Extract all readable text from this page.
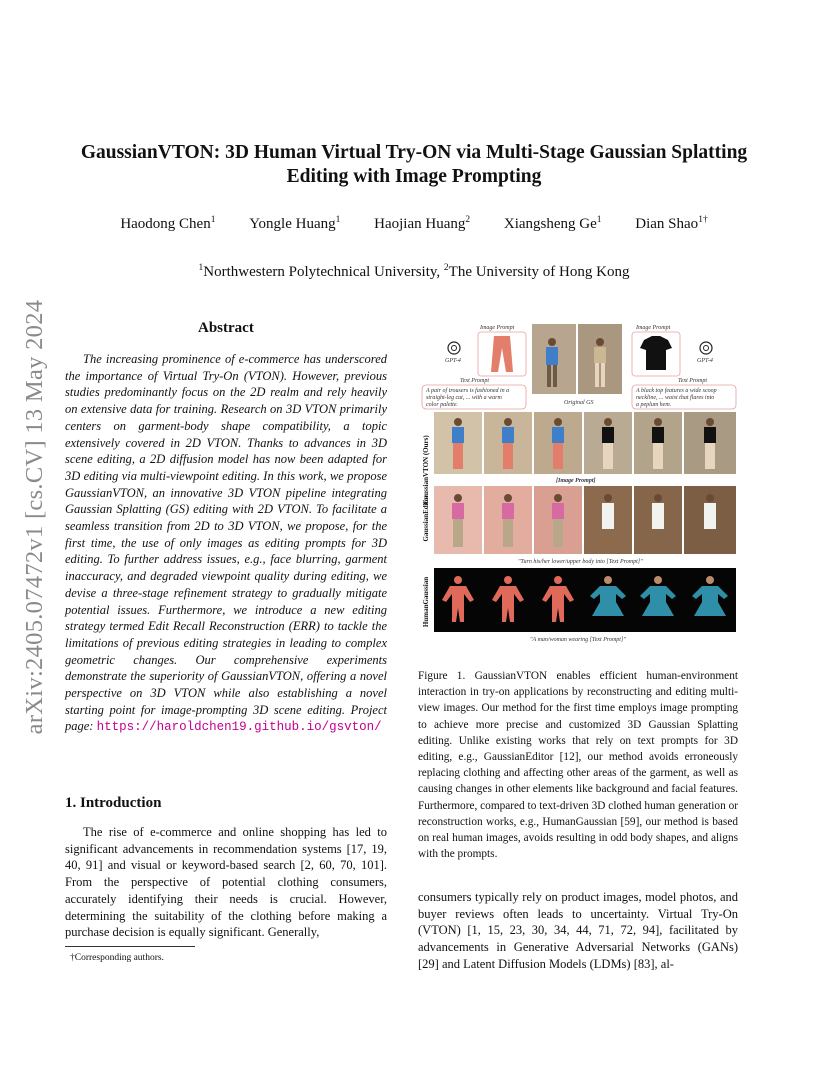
arXiv:2405.07472v1 [cs.CV] 13 May 2024
GaussianVTON: 3D Human Virtual Try-ON via Multi-Stage Gaussian Splatting Editing with Image Prompting
Haodong Chen$^1$ Yongle Huang$^1$ Haojian Huang$^2$ Xiangsheng Ge$^1$ Dian Shao$^{1\dagger}$
$^1$Northwestern Polytechnical University, $^2$The University of Hong Kong
Abstract
The increasing prominence of e-commerce has underscored the importance of Virtual Try-On (VTON). However, previous studies predominantly focus on the 2D realm and rely heavily on extensive data for training. Research on 3D VTON primarily centers on garment-body shape compatibility, a topic extensively covered in 2D VTON. Thanks to advances in 3D scene editing, a 2D diffusion model has now been adapted for 3D editing via multi-viewpoint editing. In this work, we propose GaussianVTON, an innovative 3D VTON pipeline integrating Gaussian Splatting (GS) editing with 2D VTON. To facilitate a seamless transition from 2D to 3D VTON, we propose, for the first time, the use of only images as editing prompts for 3D editing. To further address issues, e.g., face blurring, garment inaccuracy, and degraded viewpoint quality during editing, we devise a three-stage refinement strategy to gradually mitigate potential issues. Furthermore, we introduce a new editing strategy termed Edit Recall Reconstruction (ERR) to tackle the limitations of previous editing strategies in leading to complex geometric changes. Our comprehensive experiments demonstrate the superiority of GaussianVTON, offering a novel perspective on 3D VTON while also establishing a novel starting point for image-prompting 3D scene editing. Project page: https://haroldchen19.github.io/gsvton/
1. Introduction
The rise of e-commerce and online shopping has led to significant advancements in recommendation systems [17, 19, 40, 91] and visual or keyword-based search [2, 60, 70, 101]. From the perspective of potential clothing consumers, accurately identifying their needs is crucial. However, determining the suitability of the clothing before making a purchase decision is equally significant. Generally,
†Corresponding authors.
Image Prompt	Image Prompt
GPT-4
Original GS
GPT-4
Text Prompt
A pair of trousers is fashioned in a
straight-leg cut, ... with a warm
color palette.
Text Prompt
A black top features a wide scoop
neckline, ... waist that flares into
a peplum hem.
GaussianVTON (Ours)	[Image Prompt]
GaussianEditor
"Turn his/her lower/upper body into [Text Prompt]"
HumanGaussian
"A man/woman wearing [Text Prompt]"
Figure 1. GaussianVTON enables efficient human-environment interaction in try-on applications by reconstructing and editing multi-view images. Our method for the first time employs image prompting to achieve more precise and customized 3D Gaussian Splatting editing. Unlike existing works that rely on text prompts for 3D editing, e.g., GaussianEditor [12], our method avoids erroneously replacing clothing and affecting other areas of the garment, as well as causing changes in other elements like background and facial features. Furthermore, compared to text-driven 3D clothed human generation or reconstruction works, e.g., HumanGaussian [59], our method is based on real human images, avoids resulting in odd body shapes, and aligns with the prompts.
consumers typically rely on product images, model photos, and buyer reviews often leads to uncertainty. Virtual Try-On (VTON) [1, 15, 23, 30, 34, 44, 71, 72, 94], facilitated by advancements in Generative Adversarial Networks (GANs) [29] and Latent Diffusion Models (LDMs) [83], al-
